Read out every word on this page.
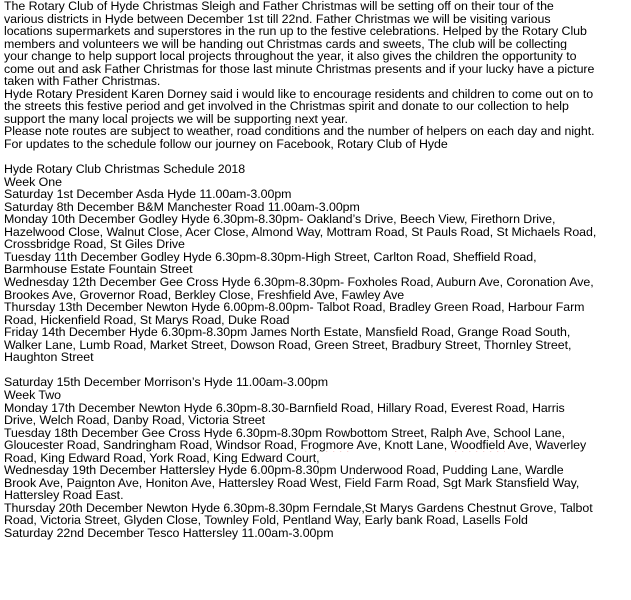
The Rotary Club of Hyde Christmas Sleigh and Father Christmas will be setting off on their tour of the
various districts in Hyde between December 1st till 22nd. Father Christmas we will be visiting various
locations supermarkets and superstores in the run up to the festive celebrations. Helped by the Rotary Club
members and volunteers we will be handing out Christmas cards and sweets, The club will be collecting
your change to help support local projects throughout the year, it also gives the children the opportunity to
come out and ask Father Christmas for those last minute Christmas presents and if your lucky have a picture
taken with Father Christmas.
Hyde Rotary President Karen Dorney said i would like to encourage residents and children to come out on to
the streets this festive period and get involved in the Christmas spirit and donate to our collection to help
support the many local projects we will be supporting next year.
Please note routes are subject to weather, road conditions and the number of helpers on each day and night.
For updates to the schedule follow our journey on Facebook, Rotary Club of Hyde
Hyde Rotary Club Christmas Schedule 2018
Week One
Saturday 1st December Asda Hyde 11.00am-3.00pm
Saturday 8th December B&M Manchester Road 11.00am-3.00pm
Monday 10th December Godley Hyde 6.30pm-8.30pm- Oakland’s Drive, Beech View, Firethorn Drive,
Hazelwood Close, Walnut Close, Acer Close, Almond Way, Mottram Road, St Pauls Road, St Michaels Road,
Crossbridge Road, St Giles Drive
Tuesday 11th December Godley Hyde 6.30pm-8.30pm-High Street, Carlton Road, Sheffield Road,
Barmhouse Estate Fountain Street
Wednesday 12th December Gee Cross Hyde 6.30pm-8.30pm- Foxholes Road, Auburn Ave, Coronation Ave,
Brookes Ave, Grovernor Road, Berkley Close, Freshfield Ave, Fawley Ave
Thursday 13th December Newton Hyde 6.00pm-8.00pm- Talbot Road, Bradley Green Road, Harbour Farm
Road, Hickenfield Road, St Marys Road, Duke Road
Friday 14th December Hyde 6.30pm-8.30pm James North Estate, Mansfield Road, Grange Road South,
Walker Lane, Lumb Road, Market Street, Dowson Road, Green Street, Bradbury Street, Thornley Street,
Haughton Street
Saturday 15th December Morrison’s Hyde 11.00am-3.00pm
Week Two
Monday 17th December Newton Hyde 6.30pm-8.30-Barnfield Road, Hillary Road, Everest Road, Harris
Drive, Welch Road, Danby Road, Victoria Street
Tuesday 18th December Gee Cross Hyde 6.30pm-8.30pm Rowbottom Street, Ralph Ave, School Lane,
Gloucester Road, Sandringham Road, Windsor Road, Frogmore Ave, Knott Lane, Woodfield Ave, Waverley
Road, King Edward Road, York Road, King Edward Court,
Wednesday 19th December Hattersley Hyde 6.00pm-8.30pm Underwood Road, Pudding Lane, Wardle
Brook Ave, Paignton Ave, Honiton Ave, Hattersley Road West, Field Farm Road, Sgt Mark Stansfield Way,
Hattersley Road East.
Thursday 20th December Newton Hyde 6.30pm-8.30pm Ferndale,St Marys Gardens Chestnut Grove, Talbot
Road, Victoria Street, Glyden Close, Townley Fold, Pentland Way, Early bank Road, Lasells Fold
Saturday 22nd December Tesco Hattersley 11.00am-3.00pm
